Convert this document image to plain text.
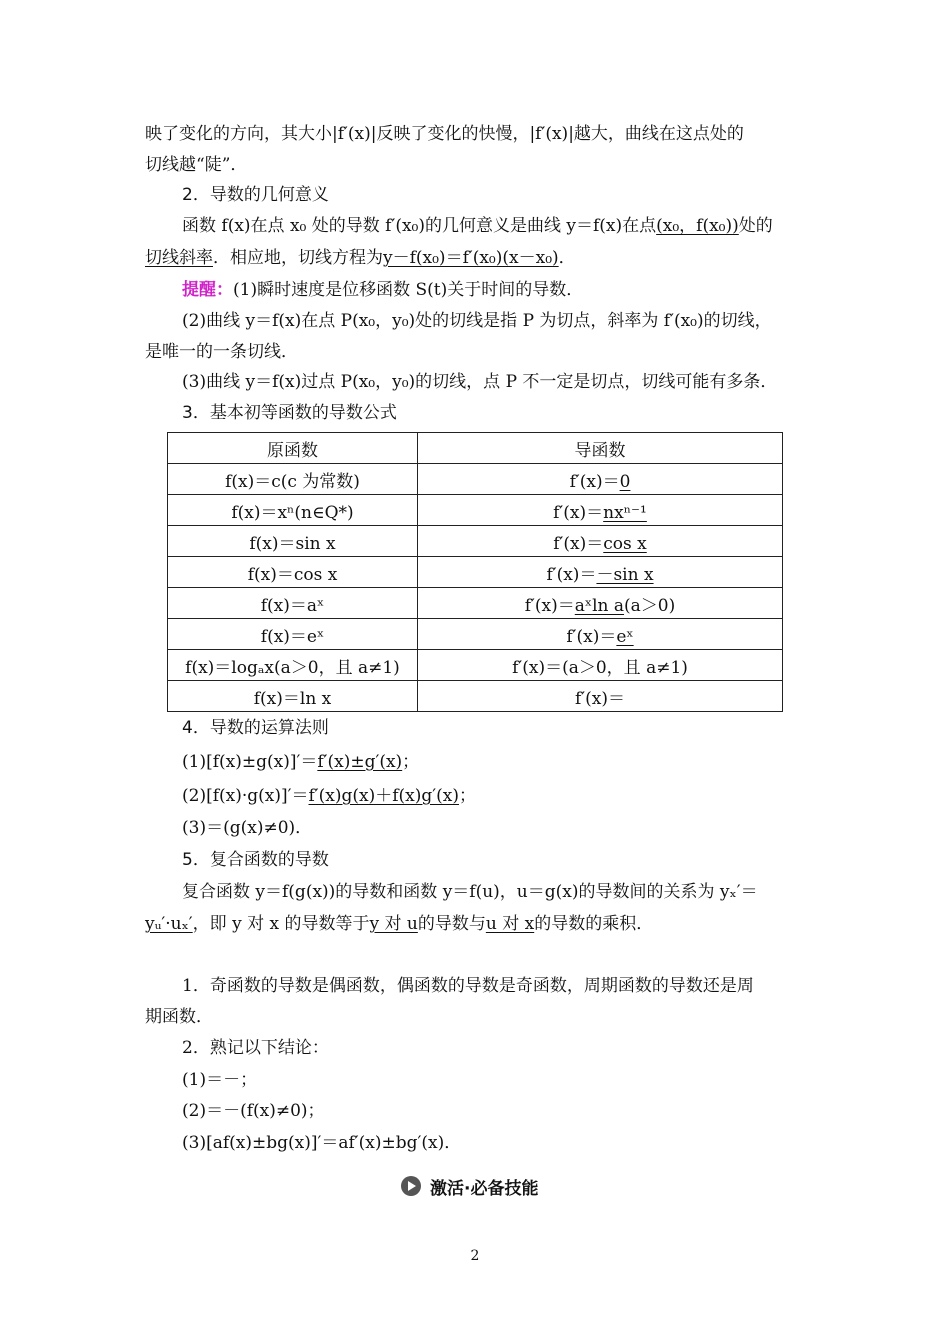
映了变化的方向，其大小|f′(x)|反映了变化的快慢，|f′(x)|越大，曲线在这点处的
切线越“陡”．
2．导数的几何意义
函数 f(x)在点 x₀ 处的导数 f′(x₀)的几何意义是曲线 y＝f(x)在点(x₀，f(x₀))处的
切线斜率．相应地，切线方程为y－f(x₀)＝f′(x₀)(x－x₀)．
提醒：(1)瞬时速度是位移函数 S(t)关于时间的导数．
(2)曲线 y＝f(x)在点 P(x₀，y₀)处的切线是指 P 为切点，斜率为 f′(x₀)的切线，
是唯一的一条切线．
(3)曲线 y＝f(x)过点 P(x₀，y₀)的切线，点 P 不一定是切点，切线可能有多条．
3．基本初等函数的导数公式
原函数	导函数
f(x)＝c(c 为常数)	f′(x)＝0
f(x)＝xⁿ(n∈Q*)	f′(x)＝nxⁿ⁻¹
f(x)＝sin x	f′(x)＝cos x
f(x)＝cos x	f′(x)＝－sin x
f(x)＝aˣ	f′(x)＝aˣln a(a＞0)
f(x)＝eˣ	f′(x)＝eˣ
f(x)＝logₐx(a＞0，且 a≠1)	f′(x)＝(a＞0，且 a≠1)
f(x)＝ln x	f′(x)＝
4．导数的运算法则
(1)[f(x)±g(x)]′＝f′(x)±g′(x)；
(2)[f(x)·g(x)]′＝f′(x)g(x)＋f(x)g′(x)；
(3)＝(g(x)≠0)．
5．复合函数的导数
复合函数 y＝f(g(x))的导数和函数 y＝f(u)，u＝g(x)的导数间的关系为 yₓ′＝
yᵤ′·uₓ′，即 y 对 x 的导数等于y 对 u的导数与u 对 x的导数的乘积．
1．奇函数的导数是偶函数，偶函数的导数是奇函数，周期函数的导数还是周
期函数．
2．熟记以下结论：
(1)＝－；
(2)＝－(f(x)≠0)；
(3)[af(x)±bg(x)]′＝af′(x)±bg′(x)．
激活·必备技能
2
